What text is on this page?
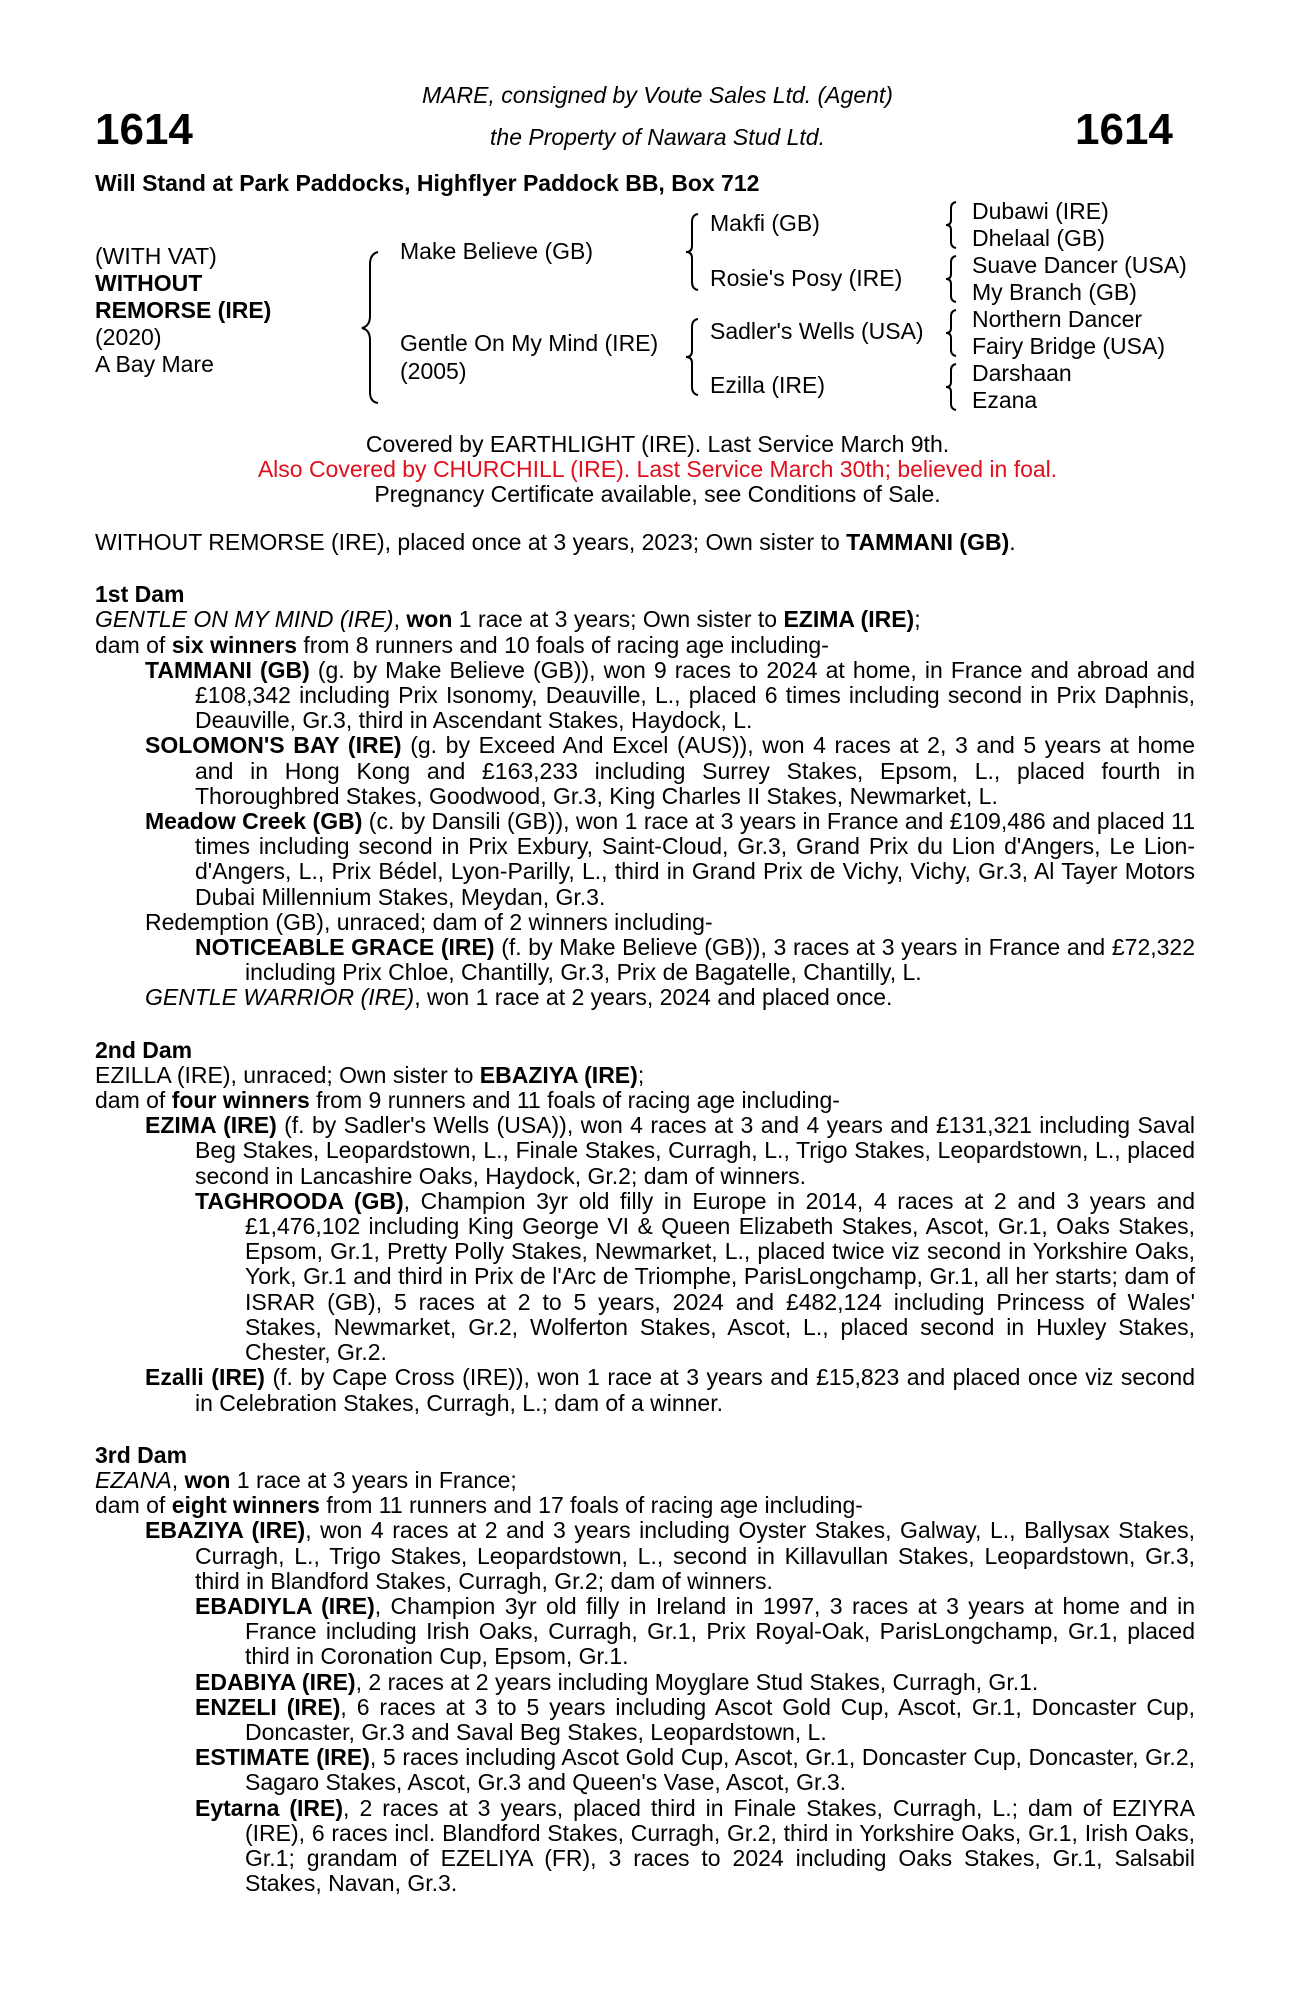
1614	1614
MARE, consigned by Voute Sales Ltd. (Agent)
the Property of Nawara Stud Ltd.
Will Stand at Park Paddocks, Highflyer Paddock BB, Box 712
(WITH VAT)
WITHOUT
REMORSE (IRE)
(2020)
A Bay Mare
Make Believe (GB)
Gentle On My Mind (IRE)
(2005)
Makfi (GB)
Rosie's Posy (IRE)
Sadler's Wells (USA)
Ezilla (IRE)
Dubawi (IRE)
Dhelaal (GB)
Suave Dancer (USA)
My Branch (GB)
Northern Dancer
Fairy Bridge (USA)
Darshaan
Ezana
Covered by EARTHLIGHT (IRE). Last Service March 9th.
Also Covered by CHURCHILL (IRE). Last Service March 30th; believed in foal.
Pregnancy Certificate available, see Conditions of Sale.
WITHOUT REMORSE (IRE), placed once at 3 years, 2023; Own sister to TAMMANI (GB).
1st Dam
GENTLE ON MY MIND (IRE), won 1 race at 3 years; Own sister to EZIMA (IRE);
dam of six winners from 8 runners and 10 foals of racing age including-
TAMMANI (GB) (g. by Make Believe (GB)), won 9 races to 2024 at home, in France and abroad and £108,342 including Prix Isonomy, Deauville, L., placed 6 times including second in Prix Daphnis, Deauville, Gr.3, third in Ascendant Stakes, Haydock, L.
SOLOMON'S BAY (IRE) (g. by Exceed And Excel (AUS)), won 4 races at 2, 3 and 5 years at home and in Hong Kong and £163,233 including Surrey Stakes, Epsom, L., placed fourth in Thoroughbred Stakes, Goodwood, Gr.3, King Charles II Stakes, Newmarket, L.
Meadow Creek (GB) (c. by Dansili (GB)), won 1 race at 3 years in France and £109,486 and placed 11 times including second in Prix Exbury, Saint-Cloud, Gr.3, Grand Prix du Lion d'Angers, Le Lion-d'Angers, L., Prix Bédel, Lyon-Parilly, L., third in Grand Prix de Vichy, Vichy, Gr.3, Al Tayer Motors Dubai Millennium Stakes, Meydan, Gr.3.
Redemption (GB), unraced; dam of 2 winners including-
NOTICEABLE GRACE (IRE) (f. by Make Believe (GB)), 3 races at 3 years in France and £72,322 including Prix Chloe, Chantilly, Gr.3, Prix de Bagatelle, Chantilly, L.
GENTLE WARRIOR (IRE), won 1 race at 2 years, 2024 and placed once.
2nd Dam
EZILLA (IRE), unraced; Own sister to EBAZIYA (IRE);
dam of four winners from 9 runners and 11 foals of racing age including-
EZIMA (IRE) (f. by Sadler's Wells (USA)), won 4 races at 3 and 4 years and £131,321 including Saval Beg Stakes, Leopardstown, L., Finale Stakes, Curragh, L., Trigo Stakes, Leopardstown, L., placed second in Lancashire Oaks, Haydock, Gr.2; dam of winners.
TAGHROODA (GB), Champion 3yr old filly in Europe in 2014, 4 races at 2 and 3 years and £1,476,102 including King George VI & Queen Elizabeth Stakes, Ascot, Gr.1, Oaks Stakes, Epsom, Gr.1, Pretty Polly Stakes, Newmarket, L., placed twice viz second in Yorkshire Oaks, York, Gr.1 and third in Prix de l'Arc de Triomphe, ParisLongchamp, Gr.1, all her starts; dam of ISRAR (GB), 5 races at 2 to 5 years, 2024 and £482,124 including Princess of Wales' Stakes, Newmarket, Gr.2, Wolferton Stakes, Ascot, L., placed second in Huxley Stakes, Chester, Gr.2.
Ezalli (IRE) (f. by Cape Cross (IRE)), won 1 race at 3 years and £15,823 and placed once viz second in Celebration Stakes, Curragh, L.; dam of a winner.
3rd Dam
EZANA, won 1 race at 3 years in France;
dam of eight winners from 11 runners and 17 foals of racing age including-
EBAZIYA (IRE), won 4 races at 2 and 3 years including Oyster Stakes, Galway, L., Ballysax Stakes, Curragh, L., Trigo Stakes, Leopardstown, L., second in Killavullan Stakes, Leopardstown, Gr.3, third in Blandford Stakes, Curragh, Gr.2; dam of winners.
EBADIYLA (IRE), Champion 3yr old filly in Ireland in 1997, 3 races at 3 years at home and in France including Irish Oaks, Curragh, Gr.1, Prix Royal-Oak, ParisLongchamp, Gr.1, placed third in Coronation Cup, Epsom, Gr.1.
EDABIYA (IRE), 2 races at 2 years including Moyglare Stud Stakes, Curragh, Gr.1.
ENZELI (IRE), 6 races at 3 to 5 years including Ascot Gold Cup, Ascot, Gr.1, Doncaster Cup, Doncaster, Gr.3 and Saval Beg Stakes, Leopardstown, L.
ESTIMATE (IRE), 5 races including Ascot Gold Cup, Ascot, Gr.1, Doncaster Cup, Doncaster, Gr.2, Sagaro Stakes, Ascot, Gr.3 and Queen's Vase, Ascot, Gr.3.
Eytarna (IRE), 2 races at 3 years, placed third in Finale Stakes, Curragh, L.; dam of EZIYRA (IRE), 6 races incl. Blandford Stakes, Curragh, Gr.2, third in Yorkshire Oaks, Gr.1, Irish Oaks, Gr.1; grandam of EZELIYA (FR), 3 races to 2024 including Oaks Stakes, Gr.1, Salsabil Stakes, Navan, Gr.3.
